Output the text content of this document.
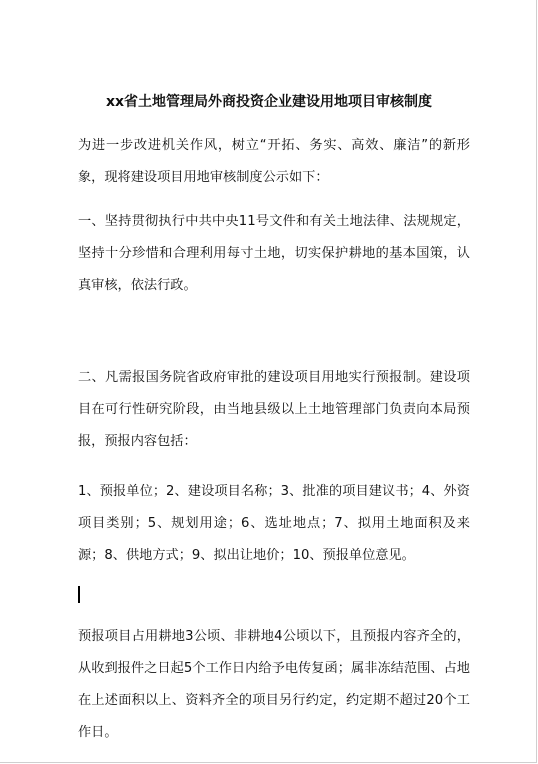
xx省土地管理局外商投资企业建设用地项目审核制度

为进一步改进机关作风，树立“开拓、务实、高效、廉洁”的新形象，现将建设项目用地审核制度公示如下：

一、坚持贯彻执行中共中央11号文件和有关土地法律、法规规定，坚持十分珍惜和合理利用每寸土地，切实保护耕地的基本国策，认真审核，依法行政。

二、凡需报国务院省政府审批的建设项目用地实行预报制。建设项目在可行性研究阶段，由当地县级以上土地管理部门负责向本局预报，预报内容包括：

1、预报单位；2、建设项目名称；3、批准的项目建议书；4、外资项目类别；5、规划用途；6、选址地点；7、拟用土地面积及来源；8、供地方式；9、拟出让地价；10、预报单位意见。

预报项目占用耕地3公顷、非耕地4公顷以下，且预报内容齐全的，从收到报件之日起5个工作日内给予电传复函；属非冻结范围、占地在上述面积以上、资料齐全的项目另行约定，约定期不超过20个工作日。
